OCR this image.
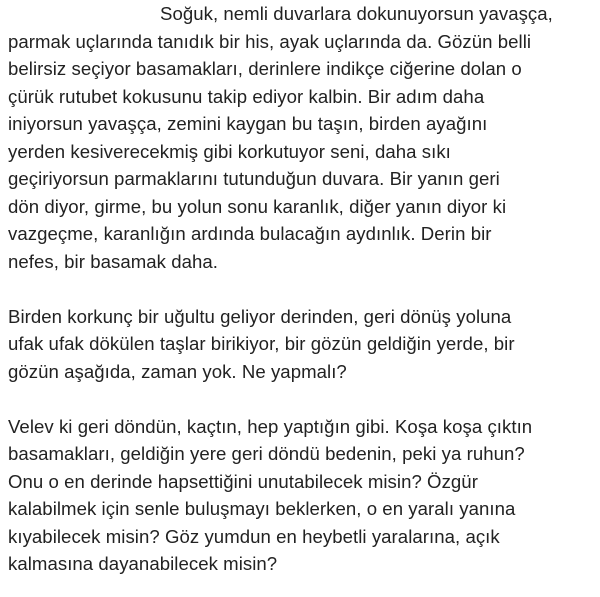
Soğuk, nemli duvarlara dokunuyorsun yavaşça,
parmak uçlarında tanıdık bir his, ayak uçlarında da. Gözün belli
belirsiz seçiyor basamakları, derinlere indikçe ciğerine dolan o
çürük rutubet kokusunu takip ediyor kalbin. Bir adım daha
iniyorsun yavaşça, zemini kaygan bu taşın, birden ayağını
yerden kesiverecekmiş gibi korkutuyor seni, daha sıkı
geçiriyorsun parmaklarını tutunduğun duvara. Bir yanın geri
dön diyor, girme, bu yolun sonu karanlık, diğer yanın diyor ki
vazgeçme, karanlığın ardında bulacağın aydınlık. Derin bir
nefes, bir basamak daha.
Birden korkunç bir uğultu geliyor derinden, geri dönüş yoluna
ufak ufak dökülen taşlar birikiyor, bir gözün geldiğin yerde, bir
gözün aşağıda, zaman yok. Ne yapmalı?
Velev ki geri döndün, kaçtın, hep yaptığın gibi. Koşa koşa çıktın
basamakları, geldiğin yere geri döndü bedenin, peki ya ruhun?
Onu o en derinde hapsettiğini unutabilecek misin? Özgür
kalabilmek için senle buluşmayı beklerken, o en yaralı yanına
kıyabilecek misin? Göz yumdun en heybetli yaralarına, açık
kalmasına dayanabilecek misin?
